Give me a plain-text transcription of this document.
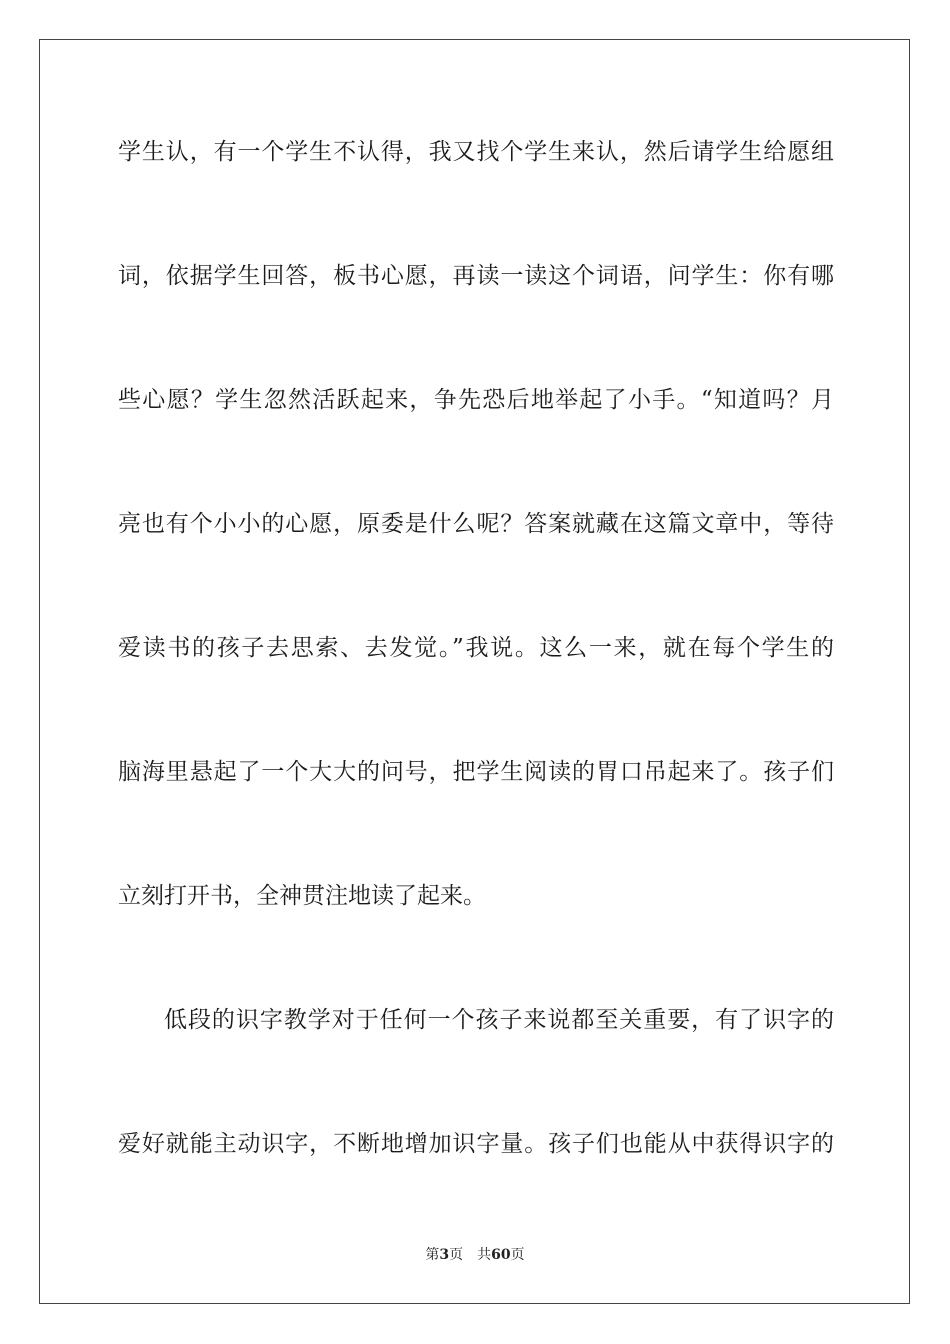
学生认，有一个学生不认得，我又找个学生来认，然后请学生给愿组
词，依据学生回答，板书心愿，再读一读这个词语，问学生：你有哪
些心愿？学生忽然活跃起来，争先恐后地举起了小手。“知道吗？月
亮也有个小小的心愿，原委是什么呢？答案就藏在这篇文章中，等待
爱读书的孩子去思索、去发觉。”我说。这么一来，就在每个学生的
脑海里悬起了一个大大的问号，把学生阅读的胃口吊起来了。孩子们
立刻打开书，全神贯注地读了起来。
低段的识字教学对于任何一个孩子来说都至关重要，有了识字的
爱好就能主动识字，不断地增加识字量。孩子们也能从中获得识字的
第3页 共60页
